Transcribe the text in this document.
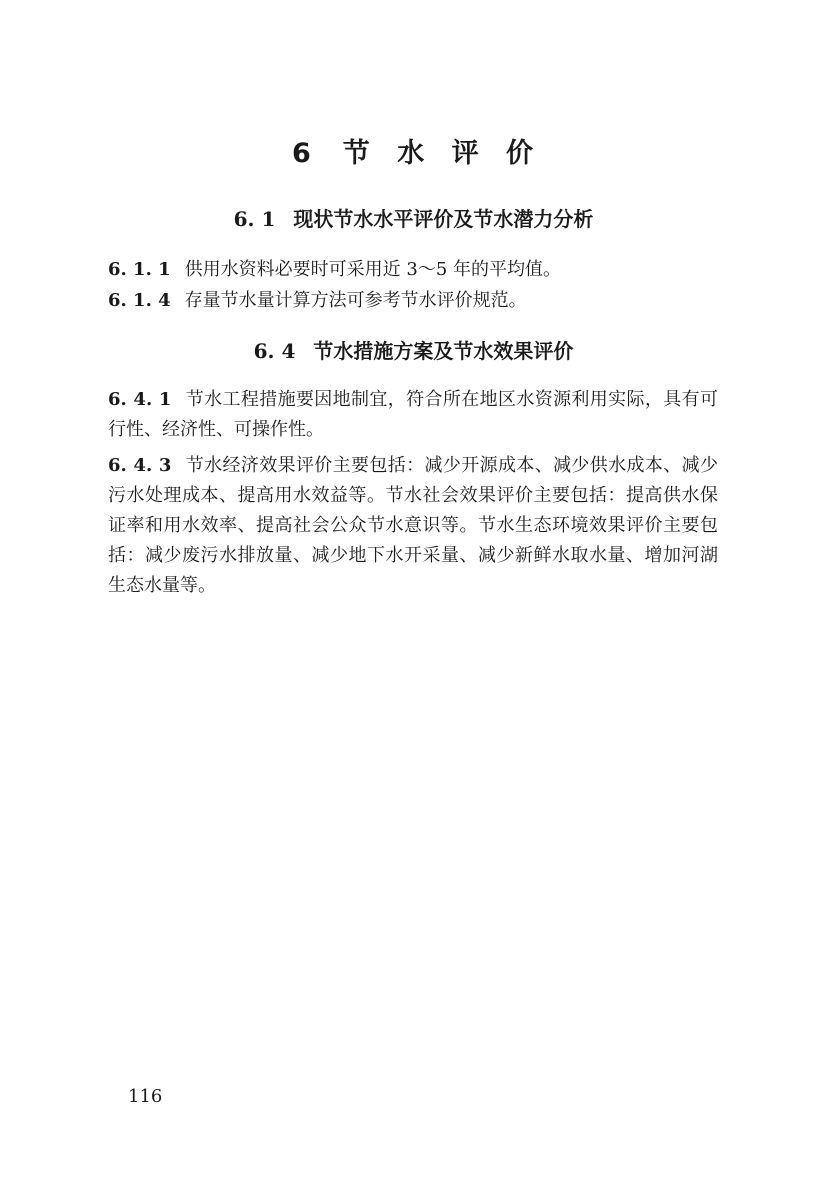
6 节 水 评 价
6. 1 现状节水水平评价及节水潜力分析
6. 1. 1 供用水资料必要时可采用近 3～5 年的平均值。
6. 1. 4 存量节水量计算方法可参考节水评价规范。
6. 4 节水措施方案及节水效果评价
6. 4. 1 节水工程措施要因地制宜，符合所在地区水资源利用实际，具有可行性、经济性、可操作性。
6. 4. 3 节水经济效果评价主要包括：减少开源成本、减少供水成本、减少污水处理成本、提高用水效益等。节水社会效果评价主要包括：提高供水保证率和用水效率、提高社会公众节水意识等。节水生态环境效果评价主要包括：减少废污水排放量、减少地下水开采量、减少新鲜水取水量、增加河湖生态水量等。
116
